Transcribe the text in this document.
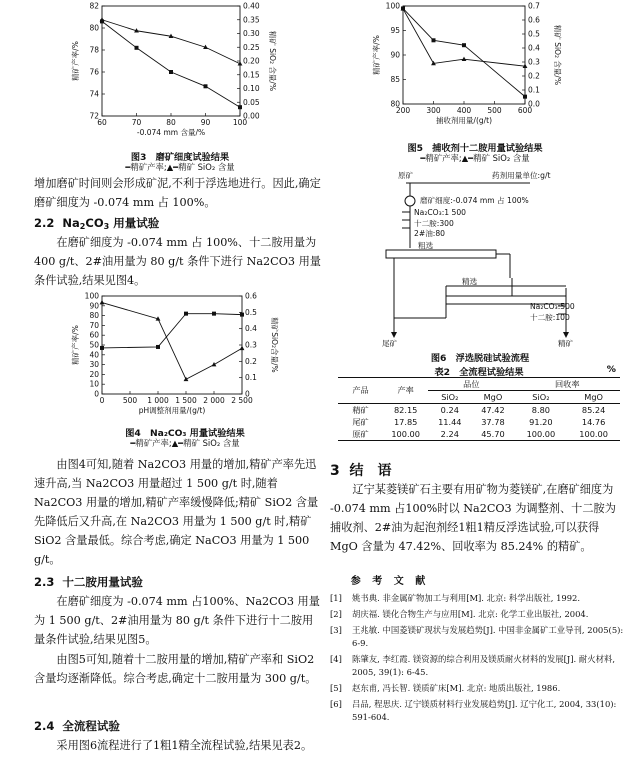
60	70	80	90	100
72
74
76
78
80
82
0.00
0.05
0.10
0.15
0.20
0.25
0.30
0.35
0.40
-0.074 mm 含量/%
精矿产率/%	精矿 SiO₂ 含量/%
图3　磨矿细度试验结果
━精矿产率;▲━精矿 SiO₂ 含量
增加磨矿时间则会形成矿泥,不利于浮选地进行。因此,确定磨矿细度为 -0.074 mm 占 100%。
2.2 $Na_2CO_3$ 用量试验
在磨矿细度为 -0.074 mm 占 100%、十二胺用量为 400 g/t、2#油用量为 80 g/t 条件下进行 Na2CO3 用量条件试验,结果见图4。
0 500 1 000 1 500 2 000 2 500
0
10
20
30
40
50
60
70
80
90
100
0
0.1
0.2
0.3
0.4
0.5
0.6
pH调整剂用量/(g/t)
精矿产率/%	精矿SiO₂含量/%
图4　Na₂CO₃ 用量试验结果
━精矿产率;▲━精矿 SiO₂ 含量
由图4可知,随着 Na2CO3 用量的增加,精矿产率先迅速升高,当 Na2CO3 用量超过 1 500 g/t 时,随着 Na2CO3 用量的增加,精矿产率缓慢降低;精矿 SiO2 含量先降低后又升高,在 Na2CO3 用量为 1 500 g/t 时,精矿 SiO2 含量最低。综合考虑,确定 NaCO3 用量为 1 500 g/t。
2.3 十二胺用量试验
在磨矿细度为 -0.074 mm 占100%、Na2CO3 用量为 1 500 g/t、2#油用量为 80 g/t 条件下进行十二胺用量条件试验,结果见图5。
由图5可知,随着十二胺用量的增加,精矿产率和 SiO2 含量均逐渐降低。综合考虑,确定十二胺用量为 300 g/t。
2.4 全流程试验
采用图6流程进行了1粗1精全流程试验,结果见表2。
200 300 400 500 600
80
85
90
95
100
0.0
0.1
0.2
0.3
0.4
0.5
0.6
0.7
捕收剂用量/(g/t)
精矿产率/%	精矿 SiO₂ 含量/%
图5　捕收剂十二胺用量试验结果
━精矿产率;▲━精矿 SiO₂ 含量
原矿	药剂用量单位:g/t
磨矿细度:-0.074 mm 占 100%
Na₂CO₃:1 500
十二胺:300
2#油:80
粗选
精选
Na₂CO₃:500
十二胺:100
尾矿	精矿
图6　浮选脱硅试验流程
表2　全流程试验结果	%
产品	产率	品位		回收率	
		SiO₂	MgO	SiO₂	MgO
精矿	82.15	0.24	47.42	8.80	85.24
尾矿	17.85	11.44	37.78	91.20	14.76
原矿	100.00	2.24	45.70	100.00	100.00
3 结　语
辽宁某菱镁矿石主要有用矿物为菱镁矿,在磨矿细度为 -0.074 mm 占100%时以 Na2CO3 为调整剂、十二胺为捕收剂、2#油为起泡剂经1粗1精反浮选试验,可以获得 MgO 含量为 47.42%、回收率为 85.24% 的精矿。
参 考 文 献
[1]	姚书典. 非金属矿物加工与利用[M]. 北京: 科学出版社, 1992.
[2]	胡庆福. 镁化合物生产与应用[M]. 北京: 化学工业出版社, 2004.
[3]	王兆敏. 中国菱镁矿现状与发展趋势[J]. 中国非金属矿工业导刊, 2005(5): 6-9.
[4]	陈肇友, 李红霞. 镁资源的综合利用及镁质耐火材料的发展[J]. 耐火材料, 2005, 39(1): 6-45.
[5]	赵东甫, 冯长智. 镁质矿床[M]. 北京: 地质出版社, 1986.
[6]	吕品, 程思庆. 辽宁镁质材料行业发展趋势[J]. 辽宁化工, 2004, 33(10): 591-604.
